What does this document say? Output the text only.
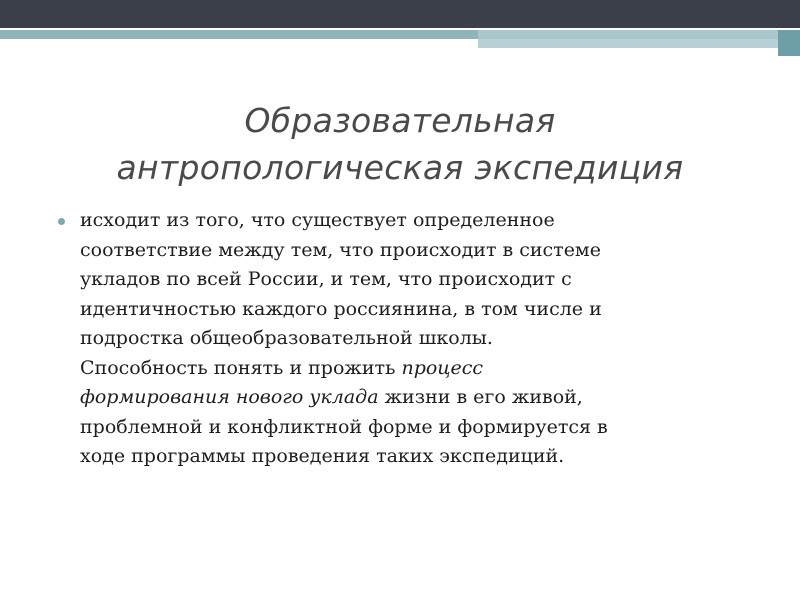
Образовательная
антропологическая экспедиция
исходит из того, что существует определенное
соответствие между тем, что происходит в системе
укладов по всей России, и тем, что происходит с
идентичностью каждого россиянина, в том числе и
подростка общеобразовательной школы.
Способность понять и прожить процесс
формирования нового уклада жизни в его живой,
проблемной и конфликтной форме и формируется в
ходе программы проведения таких экспедиций.
